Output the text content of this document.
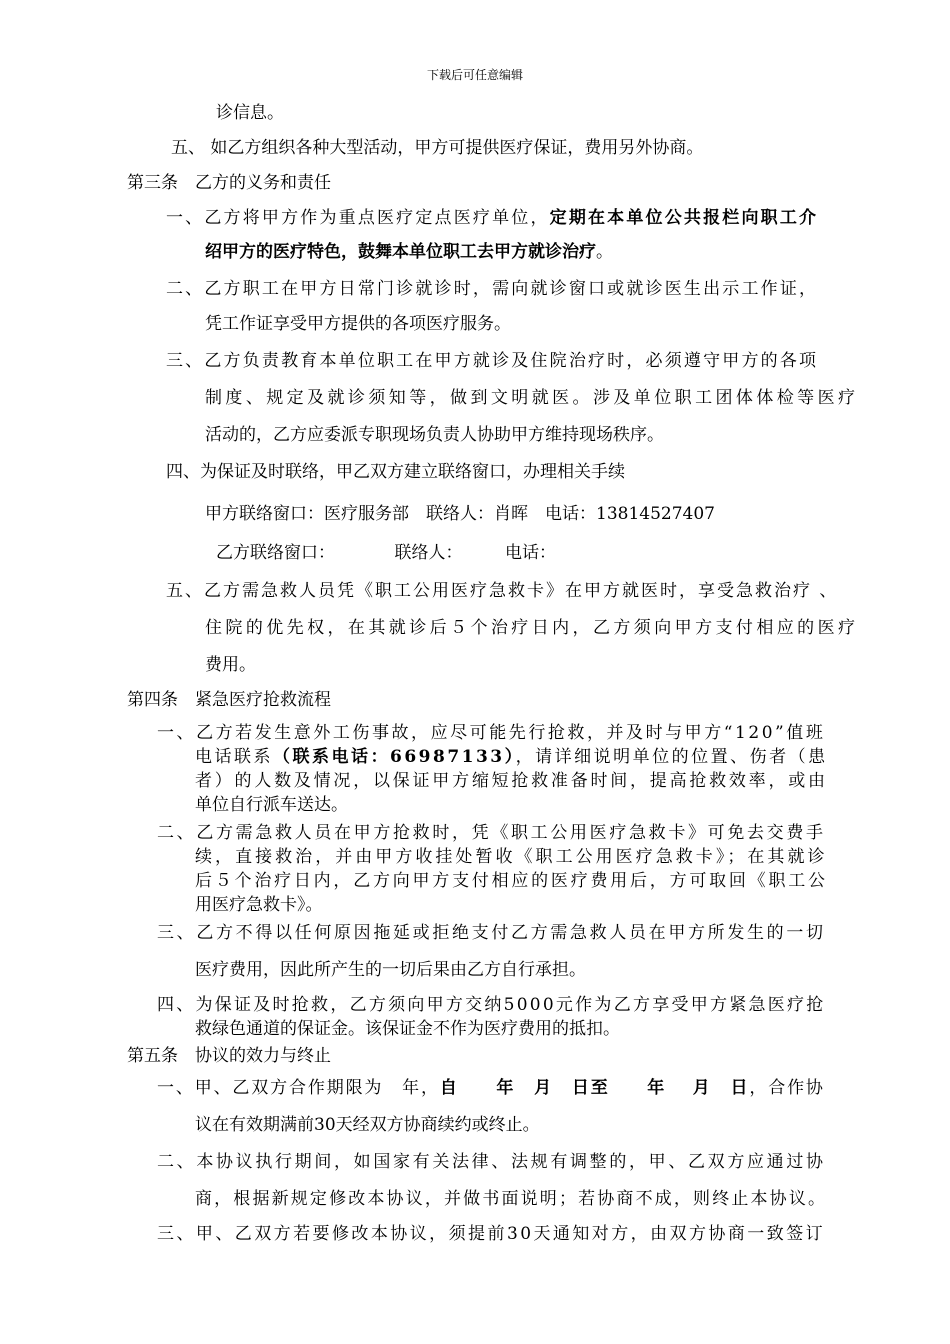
下载后可任意编辑
诊信息。
五、 如乙方组织各种大型活动，甲方可提供医疗保证，费用另外协商。
第三条　乙方的义务和责任
一、乙方将甲方作为重点医疗定点医疗单位，定期在本单位公共报栏向职工介
绍甲方的医疗特色，鼓舞本单位职工去甲方就诊治疗。
二、乙方职工在甲方日常门诊就诊时，需向就诊窗口或就诊医生出示工作证，
凭工作证享受甲方提供的各项医疗服务。
三、乙方负责教育本单位职工在甲方就诊及住院治疗时，必须遵守甲方的各项
制度、规定及就诊须知等，做到文明就医。涉及单位职工团体体检等医疗
活动的，乙方应委派专职现场负责人协助甲方维持现场秩序。
四、为保证及时联络，甲乙双方建立联络窗口，办理相关手续
甲方联络窗口：医疗服务部　联络人：肖晖　电话：13814527407
乙方联络窗口：　　　　联络人：　　　电话：
五、乙方需急救人员凭《职工公用医疗急救卡》在甲方就医时，享受急救治疗 、
住院的优先权，在其就诊后５个治疗日内，乙方须向甲方支付相应的医疗
费用。
第四条　紧急医疗抢救流程
一、乙方若发生意外工伤事故，应尽可能先行抢救，并及时与甲方“120”值班
电话联系（联系电话：66987133），请详细说明单位的位置、伤者（患
者）的人数及情况，以保证甲方缩短抢救准备时间，提高抢救效率，或由
单位自行派车送达。
二、乙方需急救人员在甲方抢救时，凭《职工公用医疗急救卡》可免去交费手
续，直接救治，并由甲方收挂处暂收《职工公用医疗急救卡》；在其就诊
后５个治疗日内，乙方向甲方支付相应的医疗费用后，方可取回《职工公
用医疗急救卡》。
三、乙方不得以任何原因拖延或拒绝支付乙方需急救人员在甲方所发生的一切
医疗费用，因此所产生的一切后果由乙方自行承担。
四、为保证及时抢救，乙方须向甲方交纳5000元作为乙方享受甲方紧急医疗抢
救绿色通道的保证金。该保证金不作为医疗费用的抵扣。
第五条　协议的效力与终止
一、甲、乙双方合作期限为　年，自　　年　月　日至　　年　 月　日，合作协
议在有效期满前30天经双方协商续约或终止。
二、本协议执行期间，如国家有关法律、法规有调整的，甲、乙双方应通过协
商，根据新规定修改本协议，并做书面说明；若协商不成，则终止本协议。
三、甲、乙双方若要修改本协议，须提前30天通知对方，由双方协商一致签订
